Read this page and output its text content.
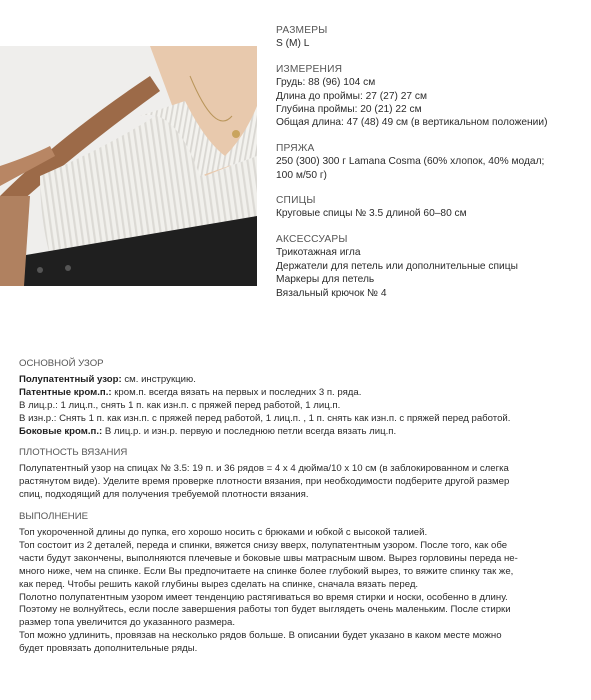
РАЗМЕРЫ
S (M) L
ИЗМЕРЕНИЯ
Грудь: 88 (96) 104 см
Длина до проймы: 27 (27) 27 см
Глубина проймы: 20 (21) 22 см
Общая длина: 47 (48) 49 см (в вертикальном положении)
ПРЯЖА
250 (300) 300 г Lamana Cosma (60% хлопок, 40% модал;
100 м/50 г)
СПИЦЫ
Круговые спицы № 3.5 длиной 60–80 см
АКСЕССУАРЫ
Трикотажная игла
Держатели для петель или дополнительные спицы
Маркеры для петель
Вязальный крючок № 4
ОСНОВНОЙ УЗОР

Полупатентный узор: см. инструкцию.

Патентные кром.п.: кром.п. всегда вязать на первых и последних 3 п. ряда.

В лиц.р.: 1 лиц.п., снять 1 п. как изн.п. с пряжей перед работой, 1 лиц.п.

В изн.р.: Снять 1 п. как изн.п. с пряжей перед работой, 1 лиц.п. , 1 п. снять как изн.п. с пряжей перед работой.

Боковые кром.п.: В лиц.р. и изн.р. первую и последнюю петли всегда вязать лиц.п.

ПЛОТНОСТЬ ВЯЗАНИЯ

Полупатентный узор на спицах № 3.5: 19 п. и 36 рядов = 4 х 4 дюйма/10 х 10 см (в заблокированном и слегка

растянутом виде). Уделите время проверке плотности вязания, при необходимости подберите другой размер

спиц, подходящий для получения требуемой плотности вязания.

ВЫПОЛНЕНИЕ

Топ укороченной длины до пупка, его хорошо носить с брюками и юбкой с высокой талией.

Топ состоит из 2 деталей, переда и спинки, вяжется снизу вверх, полупатентным узором. После того, как обе

части будут закончены, выполняются плечевые и боковые швы матрасным швом. Вырез горловины переда не-

много ниже, чем на спинке. Если Вы предпочитаете на спинке более глубокий вырез, то вяжите спинку так же,

как перед. Чтобы решить какой глубины вырез сделать на спинке, сначала вязать перед.

Полотно полупатентным узором имеет тенденцию растягиваться во время стирки и носки, особенно в длину.

Поэтому не волнуйтесь, если после завершения работы топ будет выглядеть очень маленьким. После стирки

размер топа увеличится до указанного размера.

Топ можно удлинить, провязав на несколько рядов больше. В описании будет указано в каком месте можно

будет провязать дополнительные ряды.
